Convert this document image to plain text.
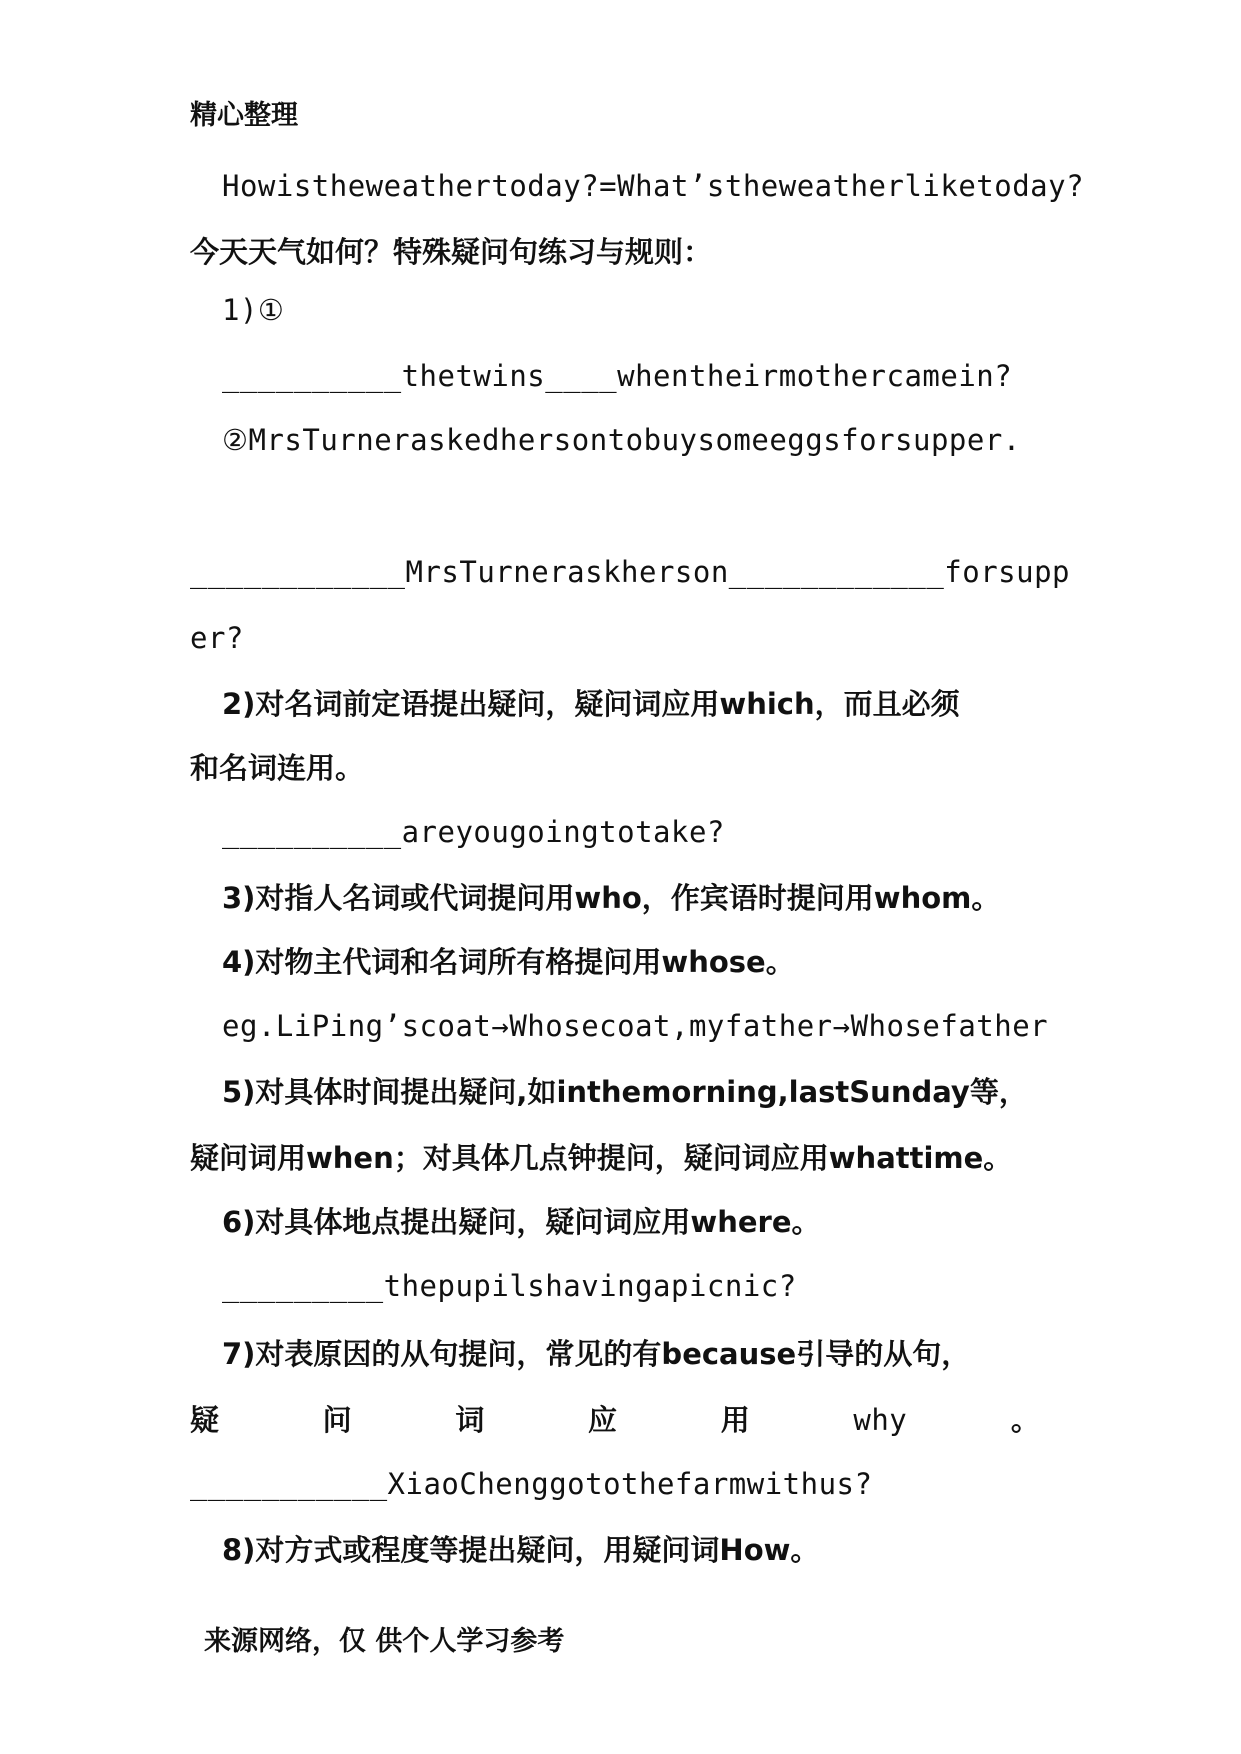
精心整理
Howistheweathertoday?=What’stheweatherliketoday?
今天天气如何？特殊疑问句练习与规则：
1)①
__________thetwins____whentheirmothercamein?
②MrsTurneraskedhersontobuysomeeggsforsupper.
____________MrsTurneraskherson____________forsupp
er?
2)对名词前定语提出疑问，疑问词应用which，而且必须
和名词连用。
__________areyougoingtotake?
3)对指人名词或代词提问用who，作宾语时提问用whom。
4)对物主代词和名词所有格提问用whose。
eg.LiPing’scoat→Whosecoat,myfather→Whosefather
5)对具体时间提出疑问,如inthemorning,lastSunday等，
疑问词用when；对具体几点钟提问，疑问词应用whattime。
6)对具体地点提出疑问，疑问词应用where。
_________thepupilshavingapicnic?
7)对表原因的从句提问，常见的有because引导的从句，
疑	问	词	应	用	why	。
___________XiaoChenggotothefarmwithus?
8)对方式或程度等提出疑问，用疑问词How。
来源网络，仅 供个人学习参考
